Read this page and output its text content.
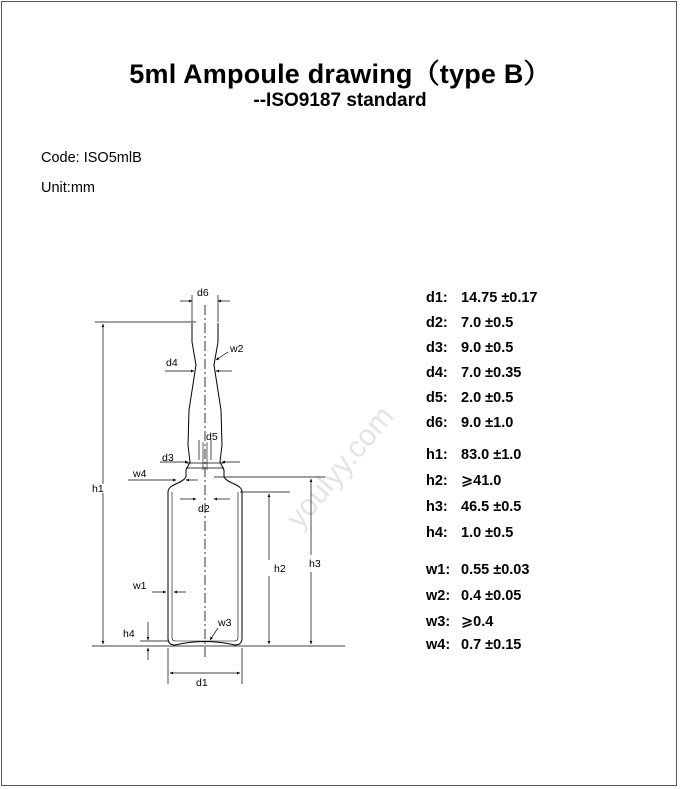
5ml Ampoule drawing（type B）
--ISO9187 standard
Code: ISO5mlB
Unit:mm
youlyy.com
d6
d4
w2
d5
d3
w4
d2
h1
h2 h3
w1
h4
w3
d1
d1: 14.75 ±0.17
d2: 7.0 ±0.5
d3: 9.0 ±0.5
d4: 7.0 ±0.35
d5: 2.0 ±0.5
d6: 9.0 ±1.0
h1: 83.0 ±1.0
h2: ⩾41.0
h3: 46.5 ±0.5
h4: 1.0 ±0.5
w1: 0.55 ±0.03
w2: 0.4 ±0.05
w3: ⩾0.4
w4: 0.7 ±0.15
